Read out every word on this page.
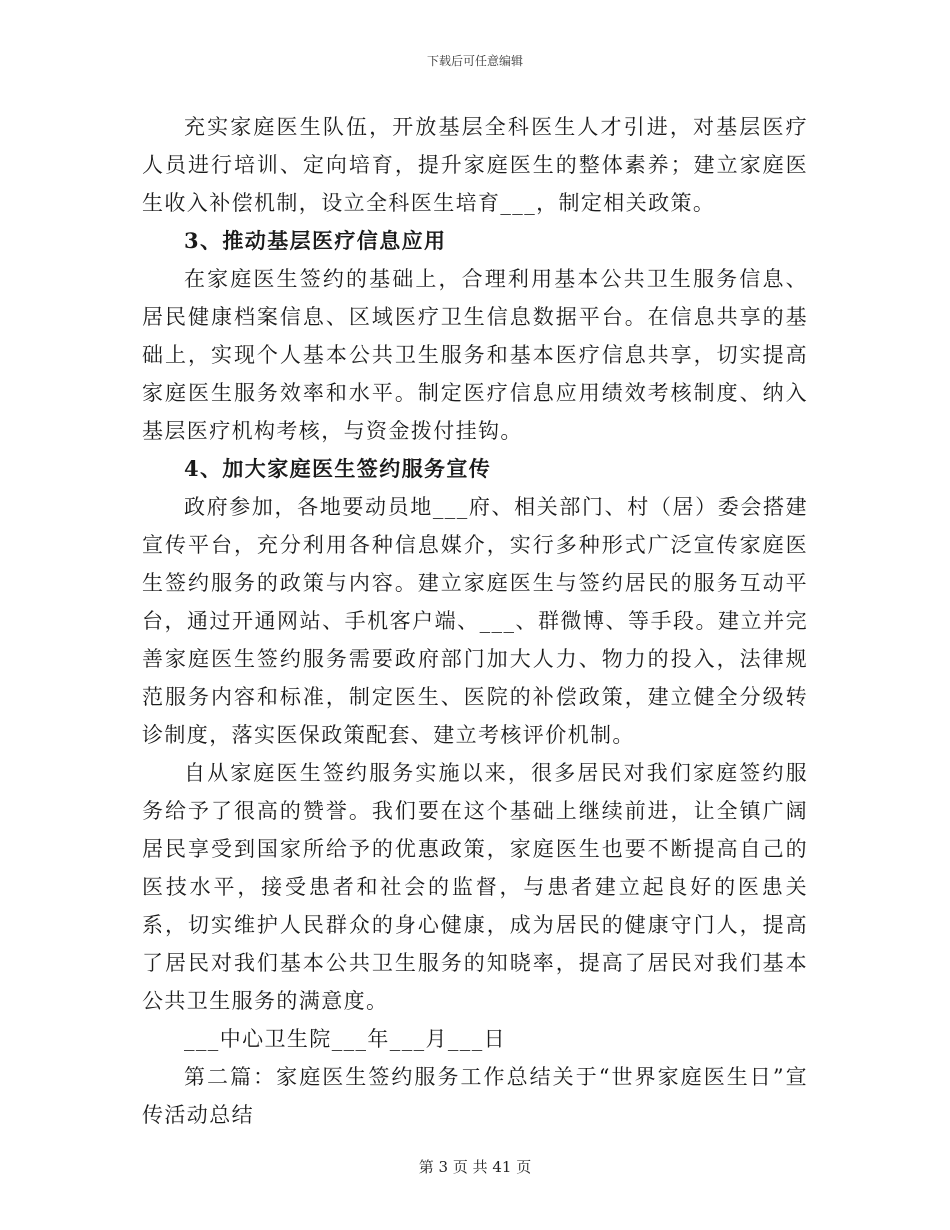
下载后可任意编辑

充实家庭医生队伍，开放基层全科医生人才引进，对基层医疗人员进行培训、定向培育，提升家庭医生的整体素养；建立家庭医生收入补偿机制，设立全科医生培育___，制定相关政策。

3、推动基层医疗信息应用

在家庭医生签约的基础上，合理利用基本公共卫生服务信息、居民健康档案信息、区域医疗卫生信息数据平台。在信息共享的基础上，实现个人基本公共卫生服务和基本医疗信息共享，切实提高家庭医生服务效率和水平。制定医疗信息应用绩效考核制度、纳入基层医疗机构考核，与资金拨付挂钩。

4、加大家庭医生签约服务宣传

政府参加，各地要动员地___府、相关部门、村（居）委会搭建宣传平台，充分利用各种信息媒介，实行多种形式广泛宣传家庭医生签约服务的政策与内容。建立家庭医生与签约居民的服务互动平台，通过开通网站、手机客户端、___、群微博、等手段。建立并完善家庭医生签约服务需要政府部门加大人力、物力的投入，法律规范服务内容和标准，制定医生、医院的补偿政策，建立健全分级转诊制度，落实医保政策配套、建立考核评价机制。

自从家庭医生签约服务实施以来，很多居民对我们家庭签约服务给予了很高的赞誉。我们要在这个基础上继续前进，让全镇广阔居民享受到国家所给予的优惠政策，家庭医生也要不断提高自己的医技水平，接受患者和社会的监督，与患者建立起良好的医患关系，切实维护人民群众的身心健康，成为居民的健康守门人，提高了居民对我们基本公共卫生服务的知晓率，提高了居民对我们基本公共卫生服务的满意度。

___中心卫生院___年___月___日

第二篇：家庭医生签约服务工作总结关于“世界家庭医生日”宣传活动总结

第 3 页 共 41 页
